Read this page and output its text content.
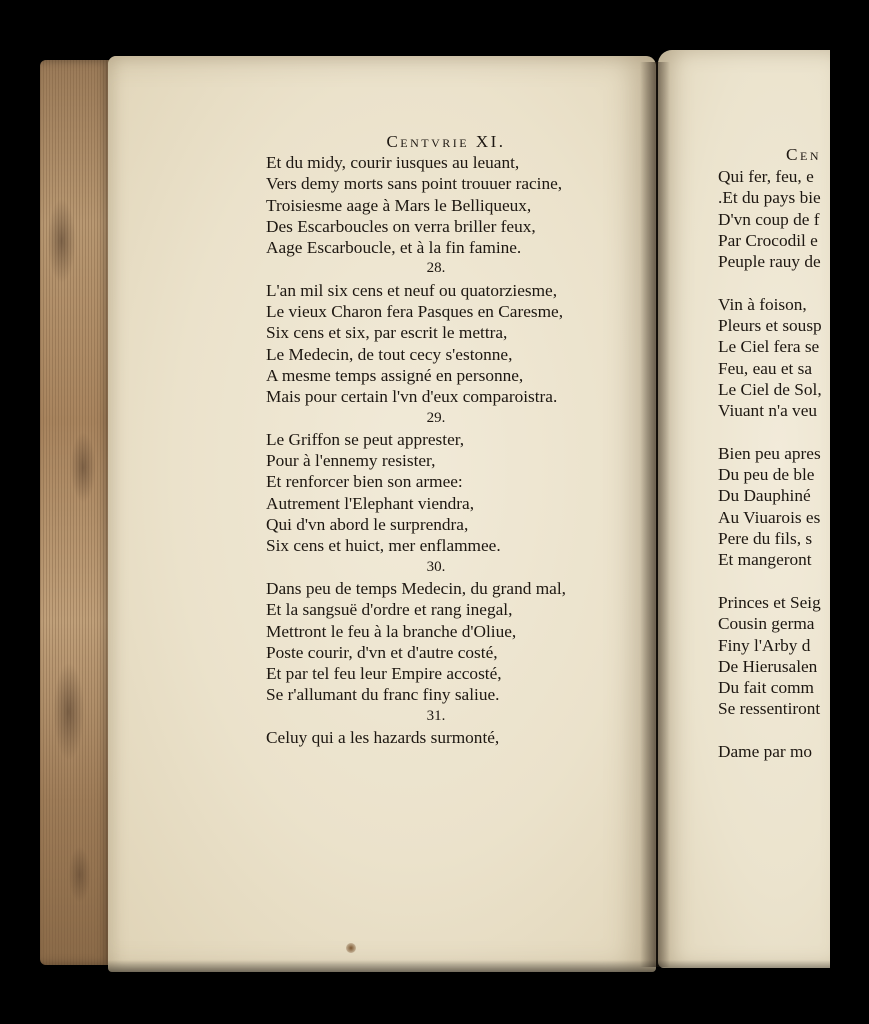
Centvrie XI.
Et du midy, courir iusques au leuant,
Vers demy morts sans point trouuer racine,
Troisiesme aage à Mars le Belliqueux,
Des Escarboucles on verra briller feux,
Aage Escarboucle, et à la fin famine.
28.
L'an mil six cens et neuf ou quatorziesme,
Le vieux Charon fera Pasques en Caresme,
Six cens et six, par escrit le mettra,
Le Medecin, de tout cecy s'estonne,
A mesme temps assigné en personne,
Mais pour certain l'vn d'eux comparoistra.
29.
Le Griffon se peut apprester,
Pour à l'ennemy resister,
Et renforcer bien son armee:
Autrement l'Elephant viendra,
Qui d'vn abord le surprendra,
Six cens et huict, mer enflammee.
30.
Dans peu de temps Medecin, du grand mal,
Et la sangsuë d'ordre et rang inegal,
Mettront le feu à la branche d'Oliue,
Poste courir, d'vn et d'autre costé,
Et par tel feu leur Empire accosté,
Se r'allumant du franc finy saliue.
31.
Celuy qui a les hazards surmonté,
Cen
Qui fer, feu, e
.Et du pays bie
D'vn coup de f
Par Crocodil e
Peuple rauy de
Vin à foison,
Pleurs et sousp
Le Ciel fera se
Feu, eau et sa
Le Ciel de Sol,
Viuant n'a veu
Bien peu apres
Du peu de ble
Du Dauphiné
Au Viuarois es
Pere du fils, s
Et mangeront
Princes et Seig
Cousin germa
Finy l'Arby d
De Hierusalen
Du fait comm
Se ressentiront
Dame par mo
